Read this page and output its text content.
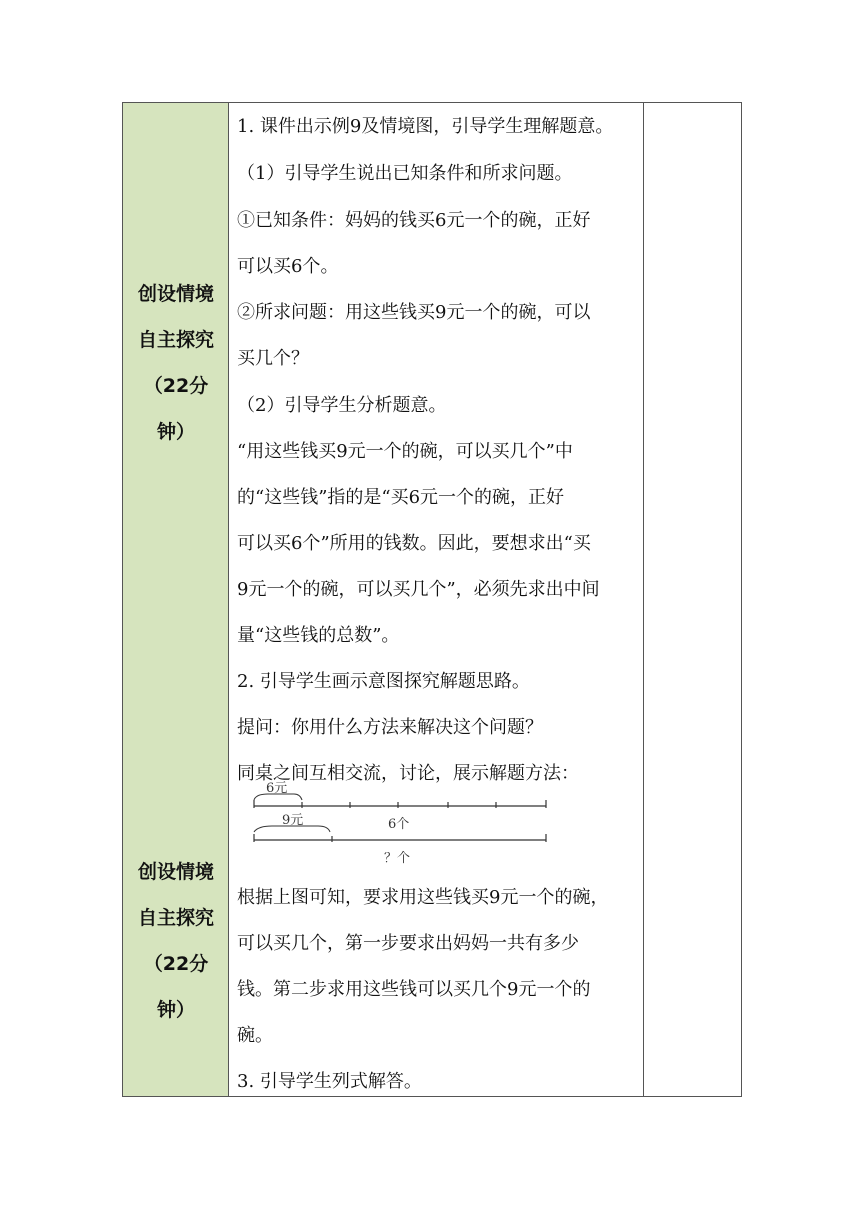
创设情境
自主探究
（22分
钟）
创设情境
自主探究
（22分
钟）
1. 课件出示例9及情境图，引导学生理解题意。
（1）引导学生说出已知条件和所求问题。
①已知条件：妈妈的钱买6元一个的碗，正好
可以买6个。
②所求问题：用这些钱买9元一个的碗，可以
买几个？
（2）引导学生分析题意。
“用这些钱买9元一个的碗，可以买几个”中
的“这些钱”指的是“买6元一个的碗，正好
可以买6个”所用的钱数。因此，要想求出“买
9元一个的碗，可以买几个”，必须先求出中间
量“这些钱的总数”。
2. 引导学生画示意图探究解题思路。
提问：你用什么方法来解决这个问题？
同桌之间互相交流，讨论，展示解题方法：
根据上图可知，要求用这些钱买9元一个的碗，
可以买几个，第一步要求出妈妈一共有多少
钱。第二步求用这些钱可以买几个9元一个的
碗。
3. 引导学生列式解答。
6元
6个
9元
？个
